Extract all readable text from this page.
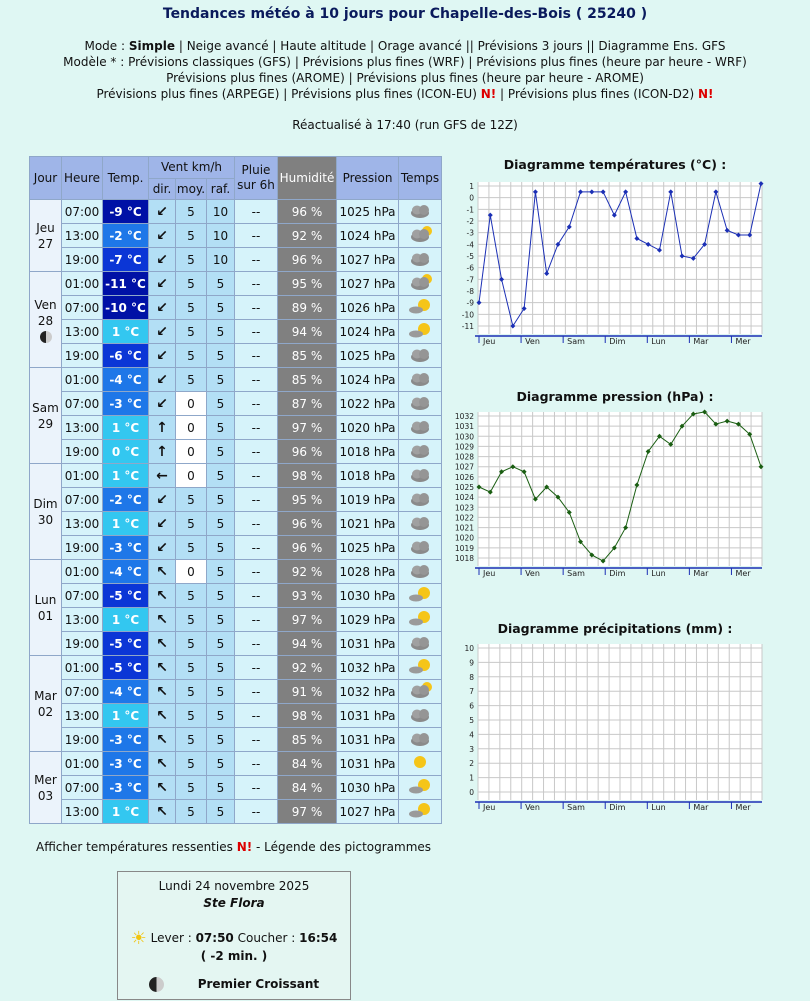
Tendances météo à 10 jours pour Chapelle-des-Bois ( 25240 )
Mode : Simple | Neige avancé | Haute altitude | Orage avancé || Prévisions 3 jours || Diagramme Ens. GFS
Modèle * : Prévisions classiques (GFS) | Prévisions plus fines (WRF) | Prévisions plus fines (heure par heure - WRF)
Prévisions plus fines (AROME) | Prévisions plus fines (heure par heure - AROME)
Prévisions plus fines (ARPEGE) | Prévisions plus fines (ICON-EU) N! | Prévisions plus fines (ICON-D2) N!
Réactualisé à 17:40 (run GFS de 12Z)
Jour	Heure	Temp.	Vent km/h			Pluie sur 6h	Humidité	Pression	Temps
			dir.	moy.	raf.				

Jeu
27	07:00	-9 °C	↙	5	10	--	96 %	1025 hPa	
	13:00	-2 °C	↙	5	10	--	92 %	1024 hPa	
	19:00	-7 °C	↙	5	10	--	96 %	1027 hPa	

Ven
28	01:00	-11 °C	↙	5	5	--	95 %	1027 hPa	
	07:00	-10 °C	↙	5	5	--	89 %	1026 hPa	
	13:00	1 °C	↙	5	5	--	94 %	1024 hPa	
	19:00	-6 °C	↙	5	5	--	85 %	1025 hPa	

Sam
29	01:00	-4 °C	↙	5	5	--	85 %	1024 hPa	
	07:00	-3 °C	↙	0	5	--	87 %	1022 hPa	
	13:00	1 °C	↑	0	5	--	97 %	1020 hPa	
	19:00	0 °C	↑	0	5	--	96 %	1018 hPa	

Dim
30	01:00	1 °C	←	0	5	--	98 %	1018 hPa	
	07:00	-2 °C	↙	5	5	--	95 %	1019 hPa	
	13:00	1 °C	↙	5	5	--	96 %	1021 hPa	
	19:00	-3 °C	↙	5	5	--	96 %	1025 hPa	

Lun
01	01:00	-4 °C	↖	0	5	--	92 %	1028 hPa	
	07:00	-5 °C	↖	5	5	--	93 %	1030 hPa	
	13:00	1 °C	↖	5	5	--	97 %	1029 hPa	
	19:00	-5 °C	↖	5	5	--	94 %	1031 hPa	

Mar
02	01:00	-5 °C	↖	5	5	--	92 %	1032 hPa	
	07:00	-4 °C	↖	5	5	--	91 %	1032 hPa	
	13:00	1 °C	↖	5	5	--	98 %	1031 hPa	
	19:00	-3 °C	↖	5	5	--	85 %	1031 hPa	

Mer
03	01:00	-3 °C	↖	5	5	--	84 %	1031 hPa	
	07:00	-3 °C	↖	5	5	--	84 %	1030 hPa	
	13:00	1 °C	↖	5	5	--	97 %	1027 hPa	
Diagramme températures (°C) :
1
0
-1
-2
-3
-4
-5
-6
-7
-8
-9
-10
-11
Jeu	Ven	Sam	Dim	Lun	Mar	Mer
Diagramme pression (hPa) :
1032
1031
1030
1029
1028
1027
1026
1025
1024
1023
1022
1021
1020
1019
1018
Jeu	Ven	Sam	Dim	Lun	Mar	Mer
Diagramme précipitations (mm) :
10
9
8
7
6
5
4
3
2
1
0
Jeu	Ven	Sam	Dim	Lun	Mar	Mer
Afficher températures ressenties N! - Légende des pictogrammes
Lundi 24 novembre 2025
Ste Flora
☀ Lever : 07:50 Coucher : 16:54
( -2 min. )
Premier Croissant
